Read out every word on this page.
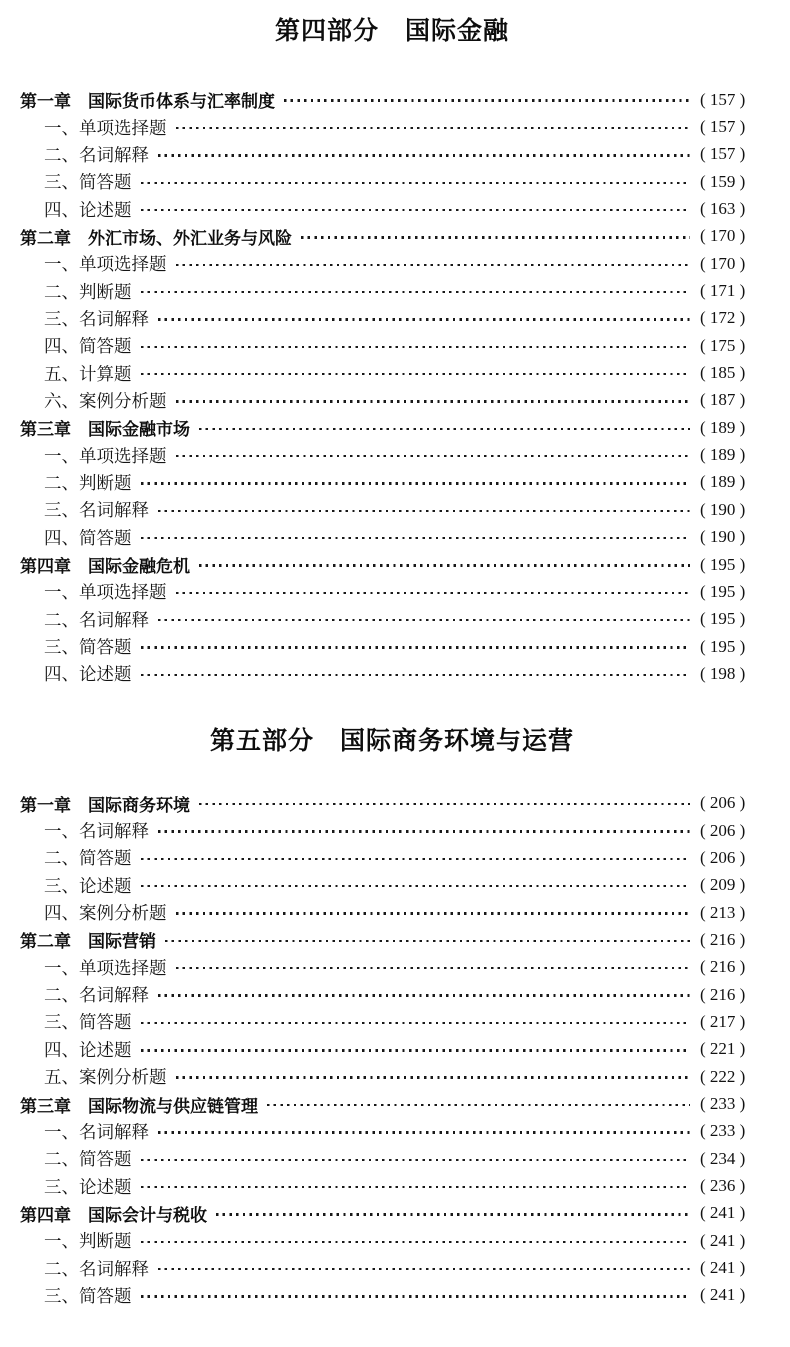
第四部分 国际金融
第一章 国际货币体系与汇率制度	( 157 )
一、单项选择题	( 157 )
二、名词解释	( 157 )
三、简答题	( 159 )
四、论述题	( 163 )
第二章 外汇市场、外汇业务与风险	( 170 )
一、单项选择题	( 170 )
二、判断题	( 171 )
三、名词解释	( 172 )
四、简答题	( 175 )
五、计算题	( 185 )
六、案例分析题	( 187 )
第三章 国际金融市场	( 189 )
一、单项选择题	( 189 )
二、判断题	( 189 )
三、名词解释	( 190 )
四、简答题	( 190 )
第四章 国际金融危机	( 195 )
一、单项选择题	( 195 )
二、名词解释	( 195 )
三、简答题	( 195 )
四、论述题	( 198 )
第五部分 国际商务环境与运营
第一章 国际商务环境	( 206 )
一、名词解释	( 206 )
二、简答题	( 206 )
三、论述题	( 209 )
四、案例分析题	( 213 )
第二章 国际营销	( 216 )
一、单项选择题	( 216 )
二、名词解释	( 216 )
三、简答题	( 217 )
四、论述题	( 221 )
五、案例分析题	( 222 )
第三章 国际物流与供应链管理	( 233 )
一、名词解释	( 233 )
二、简答题	( 234 )
三、论述题	( 236 )
第四章 国际会计与税收	( 241 )
一、判断题	( 241 )
二、名词解释	( 241 )
三、简答题	( 241 )
